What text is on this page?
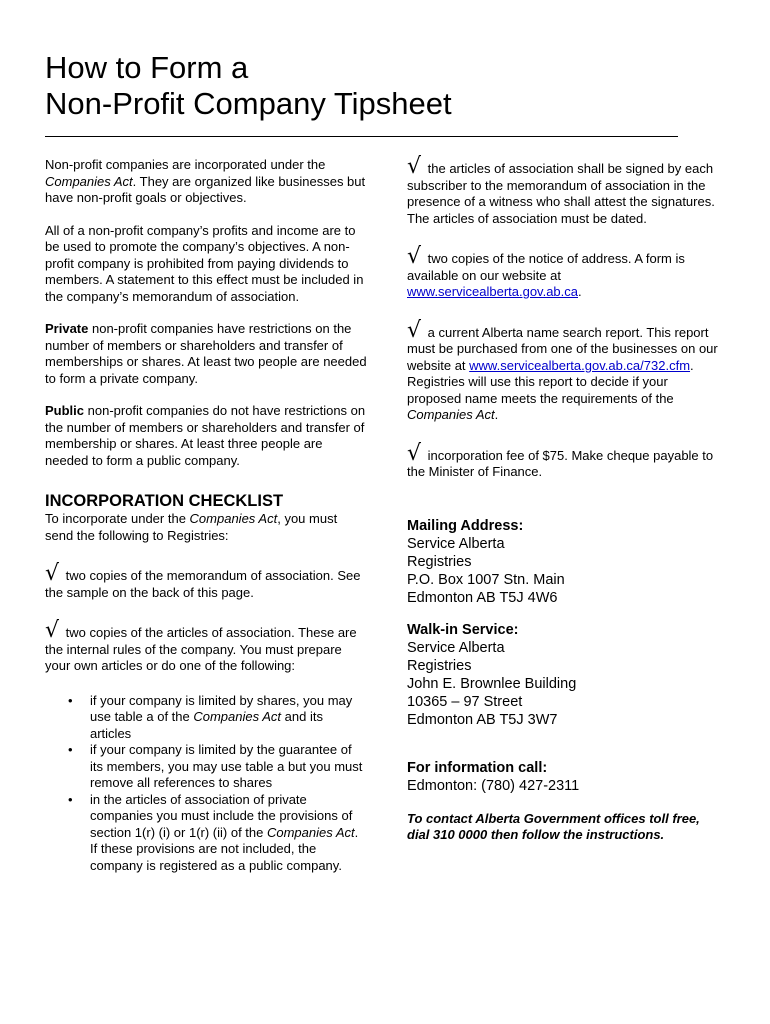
How to Form a
Non-Profit Company Tipsheet

Non-profit companies are incorporated under the Companies Act. They are organized like businesses but have non-profit goals or objectives.

All of a non-profit company’s profits and income are to be used to promote the company’s objectives. A non-profit company is prohibited from paying dividends to members. A statement to this effect must be included in the company’s memorandum of association.

Private non-profit companies have restrictions on the number of members or shareholders and transfer of memberships or shares. At least two people are needed to form a private company.

Public non-profit companies do not have restrictions on the number of members or shareholders and transfer of membership or shares. At least three people are needed to form a public company.

INCORPORATION CHECKLIST

To incorporate under the Companies Act, you must send the following to Registries:

√ two copies of the memorandum of association. See the sample on the back of this page.

√ two copies of the articles of association. These are the internal rules of the company. You must prepare your own articles or do one of the following:

• if your company is limited by shares, you may use table a of the Companies Act and its articles
• if your company is limited by the guarantee of its members, you may use table a but you must remove all references to shares
• in the articles of association of private companies you must include the provisions of section 1(r) (i) or 1(r) (ii) of the Companies Act. If these provisions are not included, the company is registered as a public company.

√ the articles of association shall be signed by each subscriber to the memorandum of association in the presence of a witness who shall attest the signatures. The articles of association must be dated.

√ two copies of the notice of address. A form is available on our website at www.servicealberta.gov.ab.ca.

√ a current Alberta name search report. This report must be purchased from one of the businesses on our website at www.servicealberta.gov.ab.ca/732.cfm. Registries will use this report to decide if your proposed name meets the requirements of the Companies Act.

√ incorporation fee of $75. Make cheque payable to the Minister of Finance.

Mailing Address:
Service Alberta
Registries
P.O. Box 1007 Stn. Main
Edmonton AB T5J 4W6
Walk-in Service:
Service Alberta
Registries
John E. Brownlee Building
10365 – 97 Street
Edmonton AB T5J 3W7
For information call:
Edmonton: (780) 427-2311
To contact Alberta Government offices toll free, dial 310 0000 then follow the instructions.
